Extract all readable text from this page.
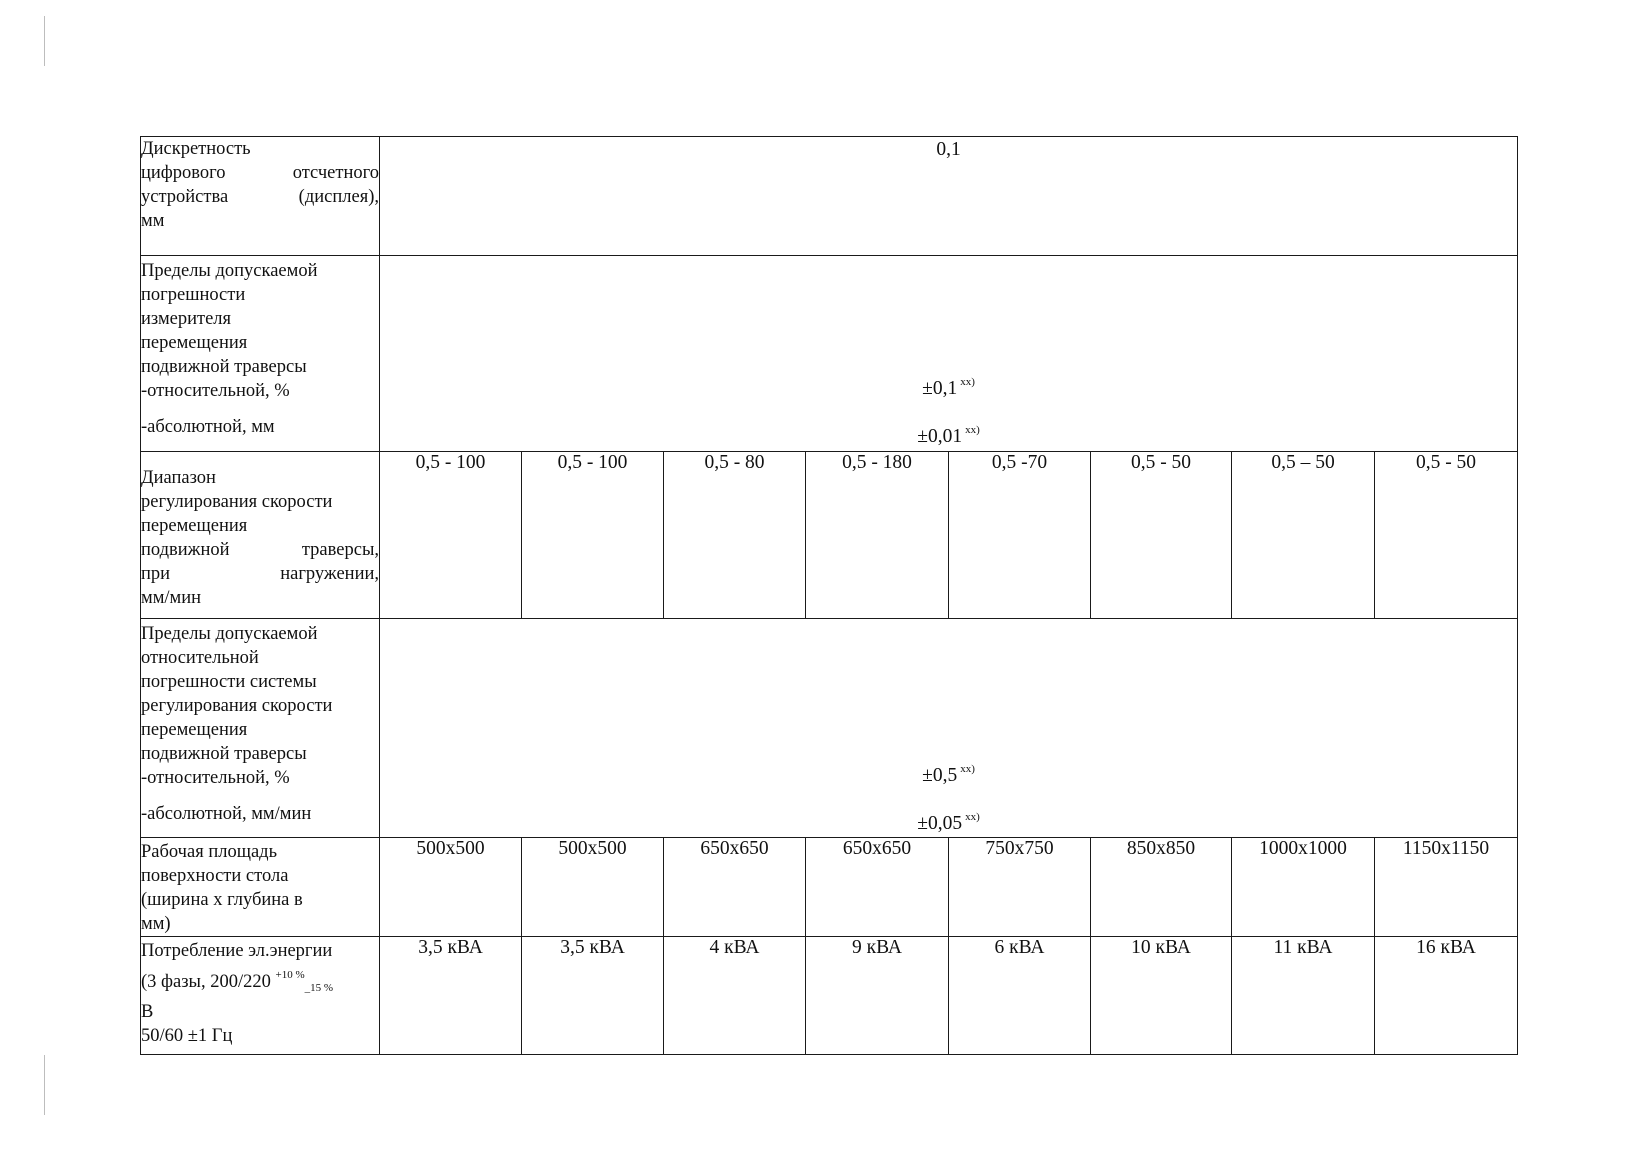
Дискретность
цифрового отсчетного
устройства (дисплея),
мм	0,1							

Пределы допускаемой
погрешности
измерителя
перемещения
подвижной траверсы
-относительной, %
-абсолютной, мм

±0,1 $^{xx)}$
±0,01 $^{xx)}$

Диапазон
регулирования скорости
перемещения
подвижной траверсы,
при нагружении,
мм/мин
	0,5 - 100	0,5 - 100	0,5 - 80	0,5 - 180	0,5 -70	0,5 - 50	0,5 – 50	0,5 - 50

Пределы допускаемой
относительной
погрешности системы
регулирования скорости
перемещения
подвижной траверсы
-относительной, %
-абсолютной, мм/мин

±0,5 $^{xx)}$
±0,05 $^{xx)}$

Рабочая площадь
поверхности стола
(ширина х глубина в
мм)	500x500	500x500	650x650	650x650	750x750	850x850	1000x1000	1150x1150

Потребление эл.энергии
(3 фазы, 200/220 $^{+10 \%}_{\_15 \%}$
В
50/60 ±1 Гц	3,5 кВА	3,5 кВА	4 кВА	9 кВА	6 кВА	10 кВА	11 кВА	16 кВА
